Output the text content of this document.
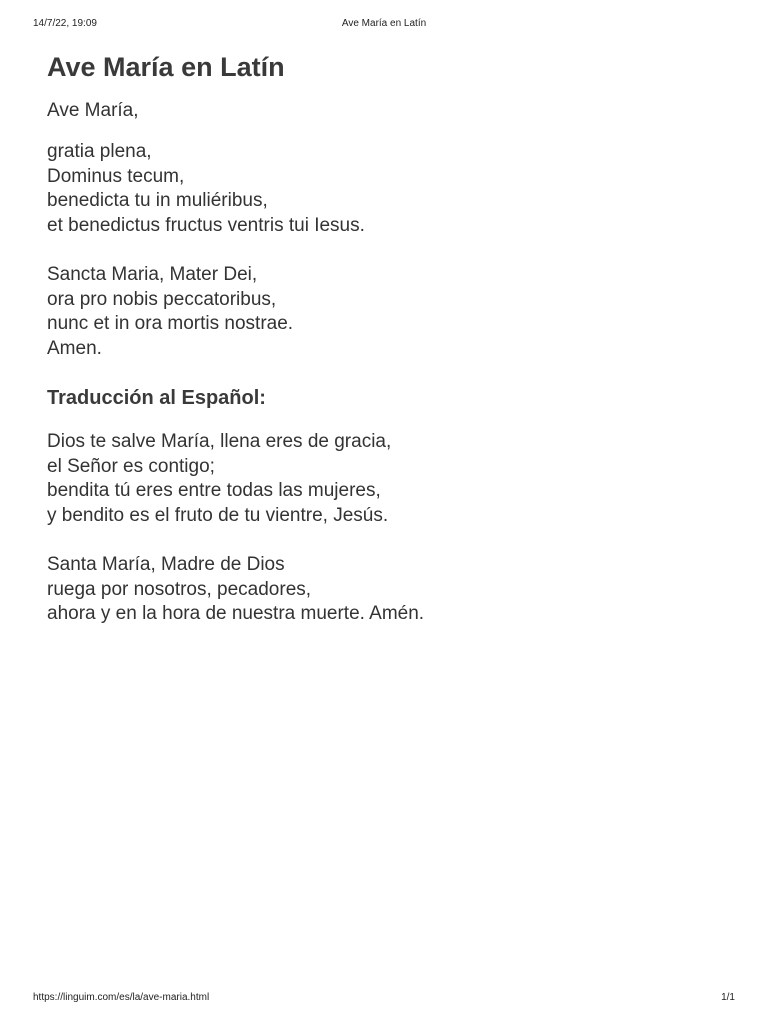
14/7/22, 19:09	Ave María en Latín
Ave María en Latín

Ave María,

gratia plena,
Dominus tecum,
benedicta tu in muliéribus,
et benedictus fructus ventris tui Iesus.

Sancta Maria, Mater Dei,
ora pro nobis peccatoribus,
nunc et in ora mortis nostrae.
Amen.

Traducción al Español:

Dios te salve María, llena eres de gracia,
el Señor es contigo;
bendita tú eres entre todas las mujeres,
y bendito es el fruto de tu vientre, Jesús.

Santa María, Madre de Dios
ruega por nosotros, pecadores,
ahora y en la hora de nuestra muerte. Amén.

https://linguim.com/es/la/ave-maria.html	1/1
